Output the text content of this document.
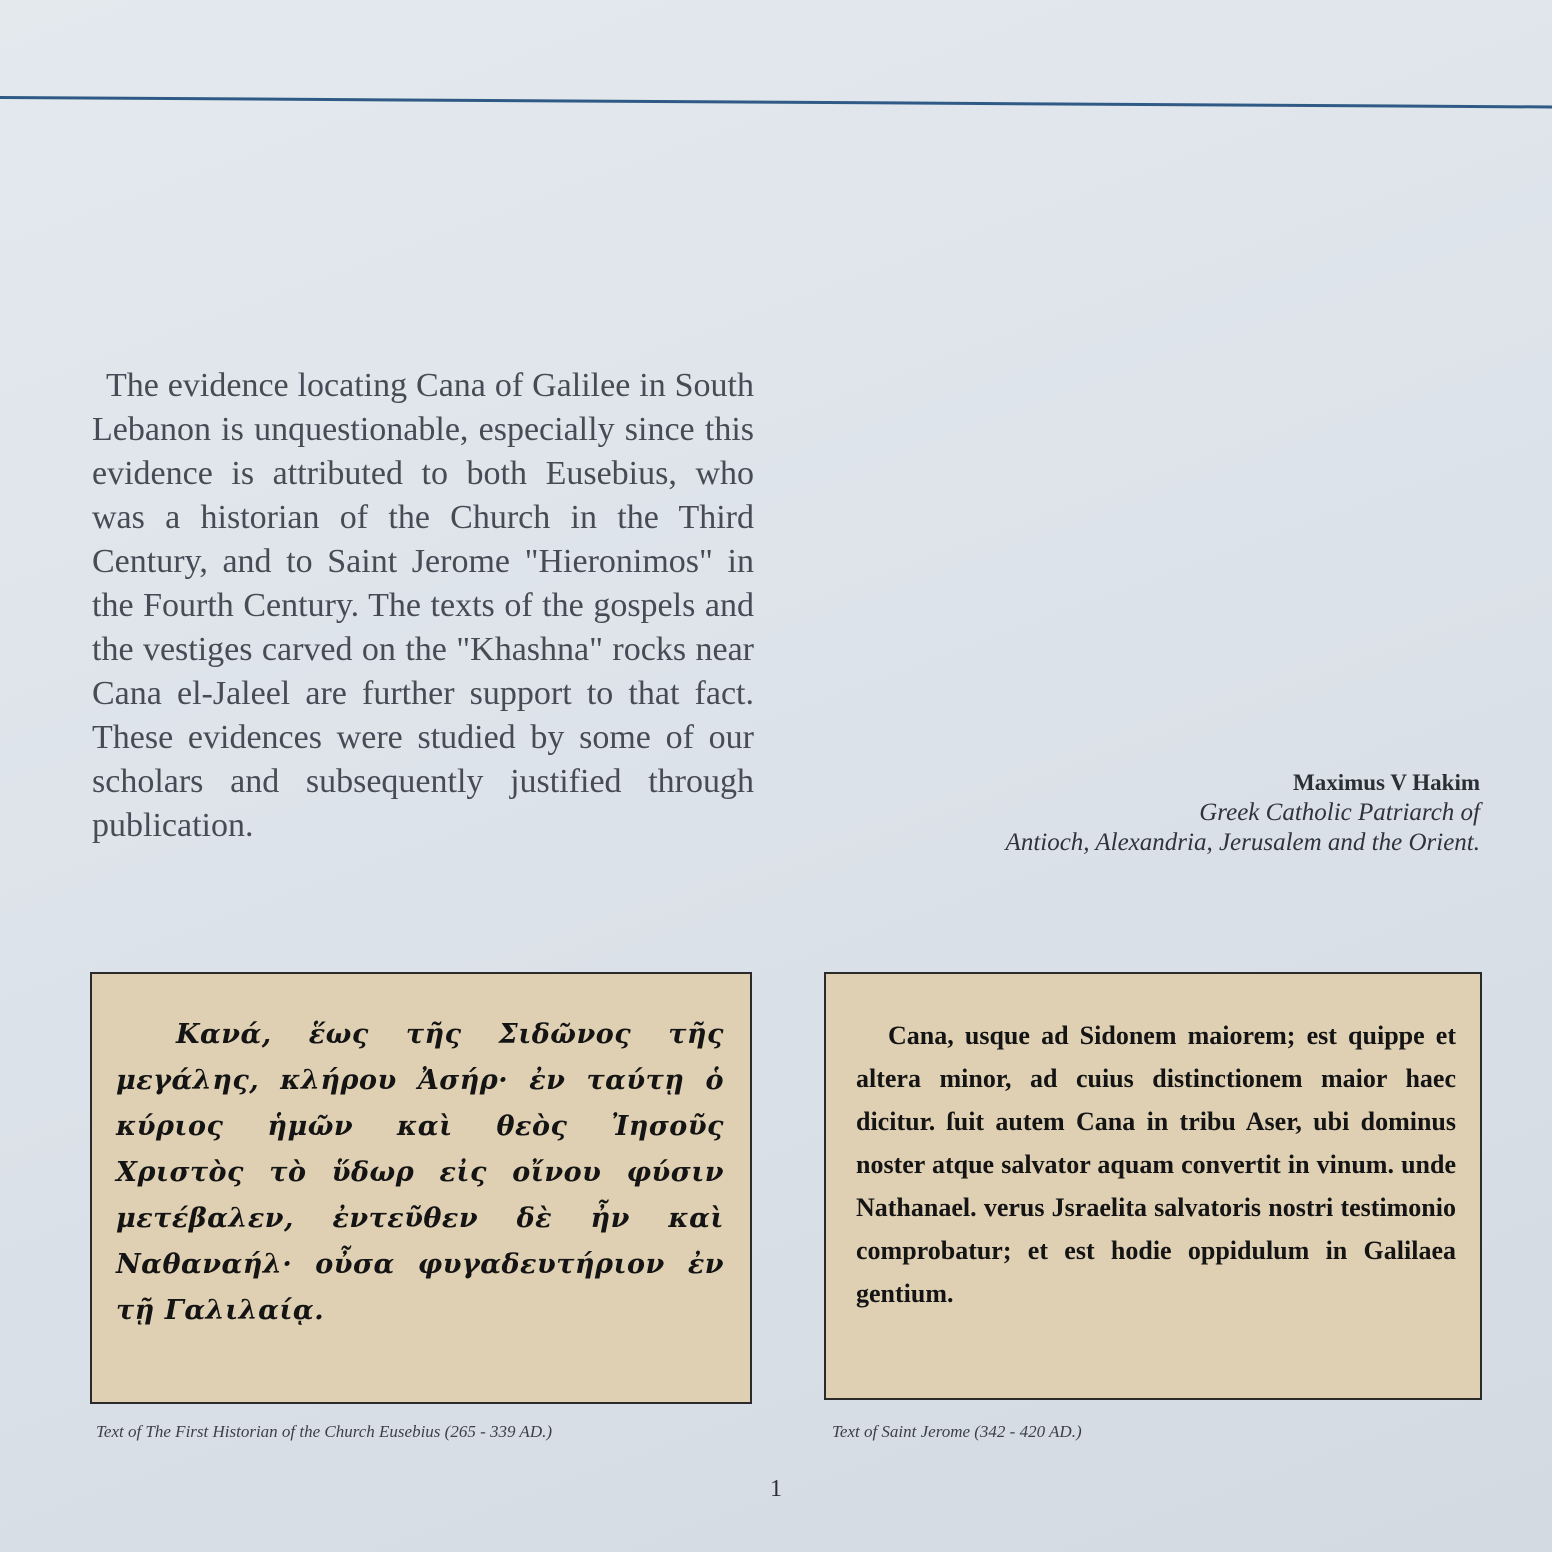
The evidence locating Cana of Galilee in South Lebanon is unquestionable, especially since this evidence is attributed to both Eusebius, who was a historian of the Church in the Third Century, and to Saint Jerome "Hieronimos" in the Fourth Century. The texts of the gospels and the vestiges carved on the "Khashna" rocks near Cana el-Jaleel are further support to that fact. These evidences were studied by some of our scholars and subsequently justified through publication.

Maximus V Hakim
Greek Catholic Patriarch of
Antioch, Alexandria, Jerusalem and the Orient.
Κανά, ἕως τῆς Σιδῶνος τῆς μεγάλης, κλήρου Ἀσήρ· ἐν ταύτῃ ὁ κύριος ἡμῶν καὶ θεὸς Ἰησοῦς Χριστὸς τὸ ὕδωρ εἰς οἴνου φύσιν μετέβαλεν, ἐντεῦθεν δὲ ἦν καὶ Ναθαναήλ· οὖσα φυγαδευτήριον ἐν τῇ Γαλιλαίᾳ.
Cana, usque ad Sidonem maiorem; est quippe et altera minor, ad cuius distinctionem maior haec dicitur. ſuit autem Cana in tribu Aser, ubi dominus noster atque salvator aquam convertit in vinum. unde Nathanael. verus Jsraelita salvatoris nostri testimonio comprobatur; et est hodie oppidulum in Galilaea gentium.
Text of The First Historian of the Church Eusebius (265 - 339 AD.)	Text of Saint Jerome (342 - 420 AD.)
1
